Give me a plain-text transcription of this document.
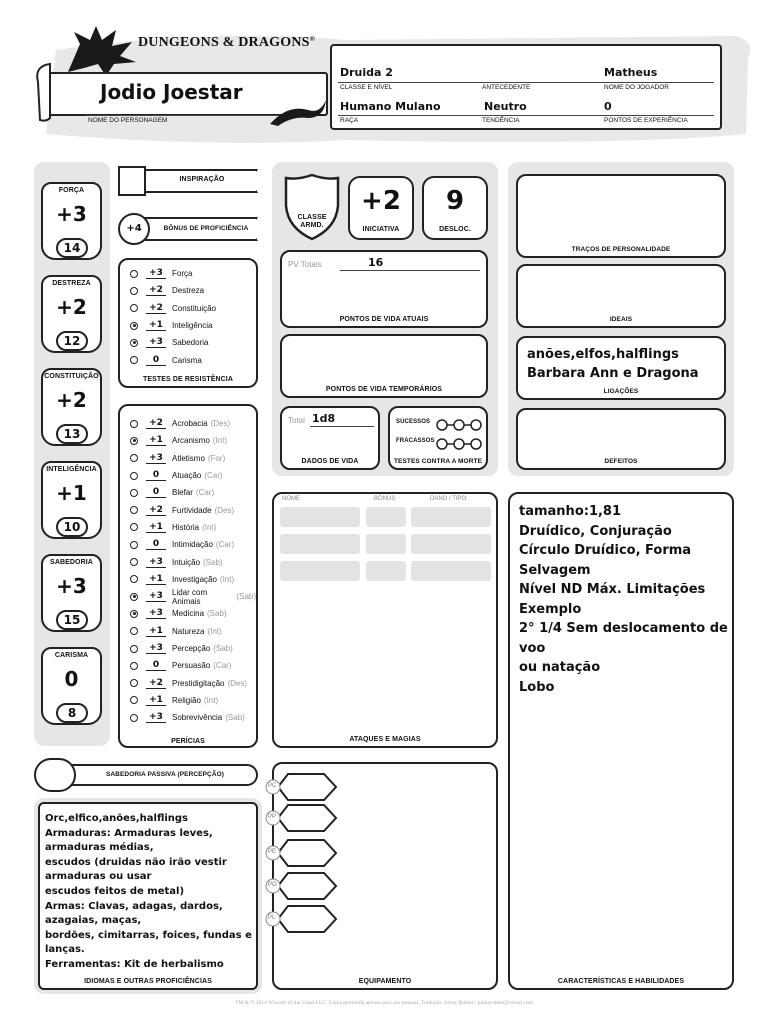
DUNGEONS & DRAGONS®
Jodio Joestar
NOME DO PERSONAGEM
Druida 2
CLASSE E NÍVEL	ANTECEDENTE
Matheus
NOME DO JOGADOR
Humano Mulano	Neutro	0
RAÇA	TENDÊNCIA	PONTOS DE EXPERIÊNCIA
FORÇA
+3
14
DESTREZA
+2
12
CONSTITUIÇÃO
+2
13
INTELIGÊNCIA
+1
10
SABEDORIA
+3
15
CARISMA
0
8
INSPIRAÇÃO
+4	BÔNUS DE PROFICIÊNCIA
+3	Força
+2	Destreza
+2	Constituição
+1	Inteligência
+3	Sabedoria
0	Carisma
TESTES DE RESISTÊNCIA
+2	Acrobacia (Des)
+1	Arcanismo (Int)
+3	Atletismo (For)
0	Atuação (Car)
0	Blefar (Car)
+2	Furtividade (Des)
+1	História (Int)
0	Intimidação (Car)
+3	Intuição (Sab)
+1	Investigação (Int)
+3	Lidar com Animais
(Sab)
+3	Medicina (Sab)
+1	Natureza (Int)
+3	Percepção (Sab)
0	Persuasão (Car)
+2	Prestidigitação (Des)
+1	Religião (Int)
+3	Sobrevivência (Sab)
PERÍCIAS
SABEDORIA PASSIVA (PERCEPÇÃO)
Orc,elfico,anões,halflings
Armaduras: Armaduras leves,
armaduras médias,
escudos (druidas não irão vestir
armaduras ou usar
escudos feitos de metal)
Armas: Clavas, adagas, dardos,
azagaias, maças,
bordões, cimitarras, foices, fundas e
lanças.
Ferramentas: Kit de herbalismo
IDIOMAS E OUTRAS PROFICIÊNCIAS
CLASSE ARMD.
+2
INICIATIVA
9
DESLOC.
PV Totais	16
PONTOS DE VIDA ATUAIS
PONTOS DE VIDA TEMPORÁRIOS
Total 1d8
DADOS DE VIDA
SUCESSOS
FRACASSOS
TESTES CONTRA A MORTE
NOME	BÔNUS	DANO / TIPO
ATAQUES E MAGIAS
EQUIPAMENTO
PC
PP
PE
PO
PL
TRAÇOS DE PERSONALIDADE
IDEAIS
anões,elfos,halflings
Barbara Ann e Dragona
LIGAÇÕES
DEFEITOS
tamanho:1,81
Druídico, Conjuração
Círculo Druídico, Forma
Selvagem
Nível ND Máx. Limitações
Exemplo
2° 1/4 Sem deslocamento de
voo
ou natação
Lobo
CARACTERÍSTICAS E HABILIDADES
TM & © 2014 Wizards of the Coast LLC. Cópia permitida apenas para uso pessoal. Tradução: Johny Robert | johnyrobert@icloud.com
